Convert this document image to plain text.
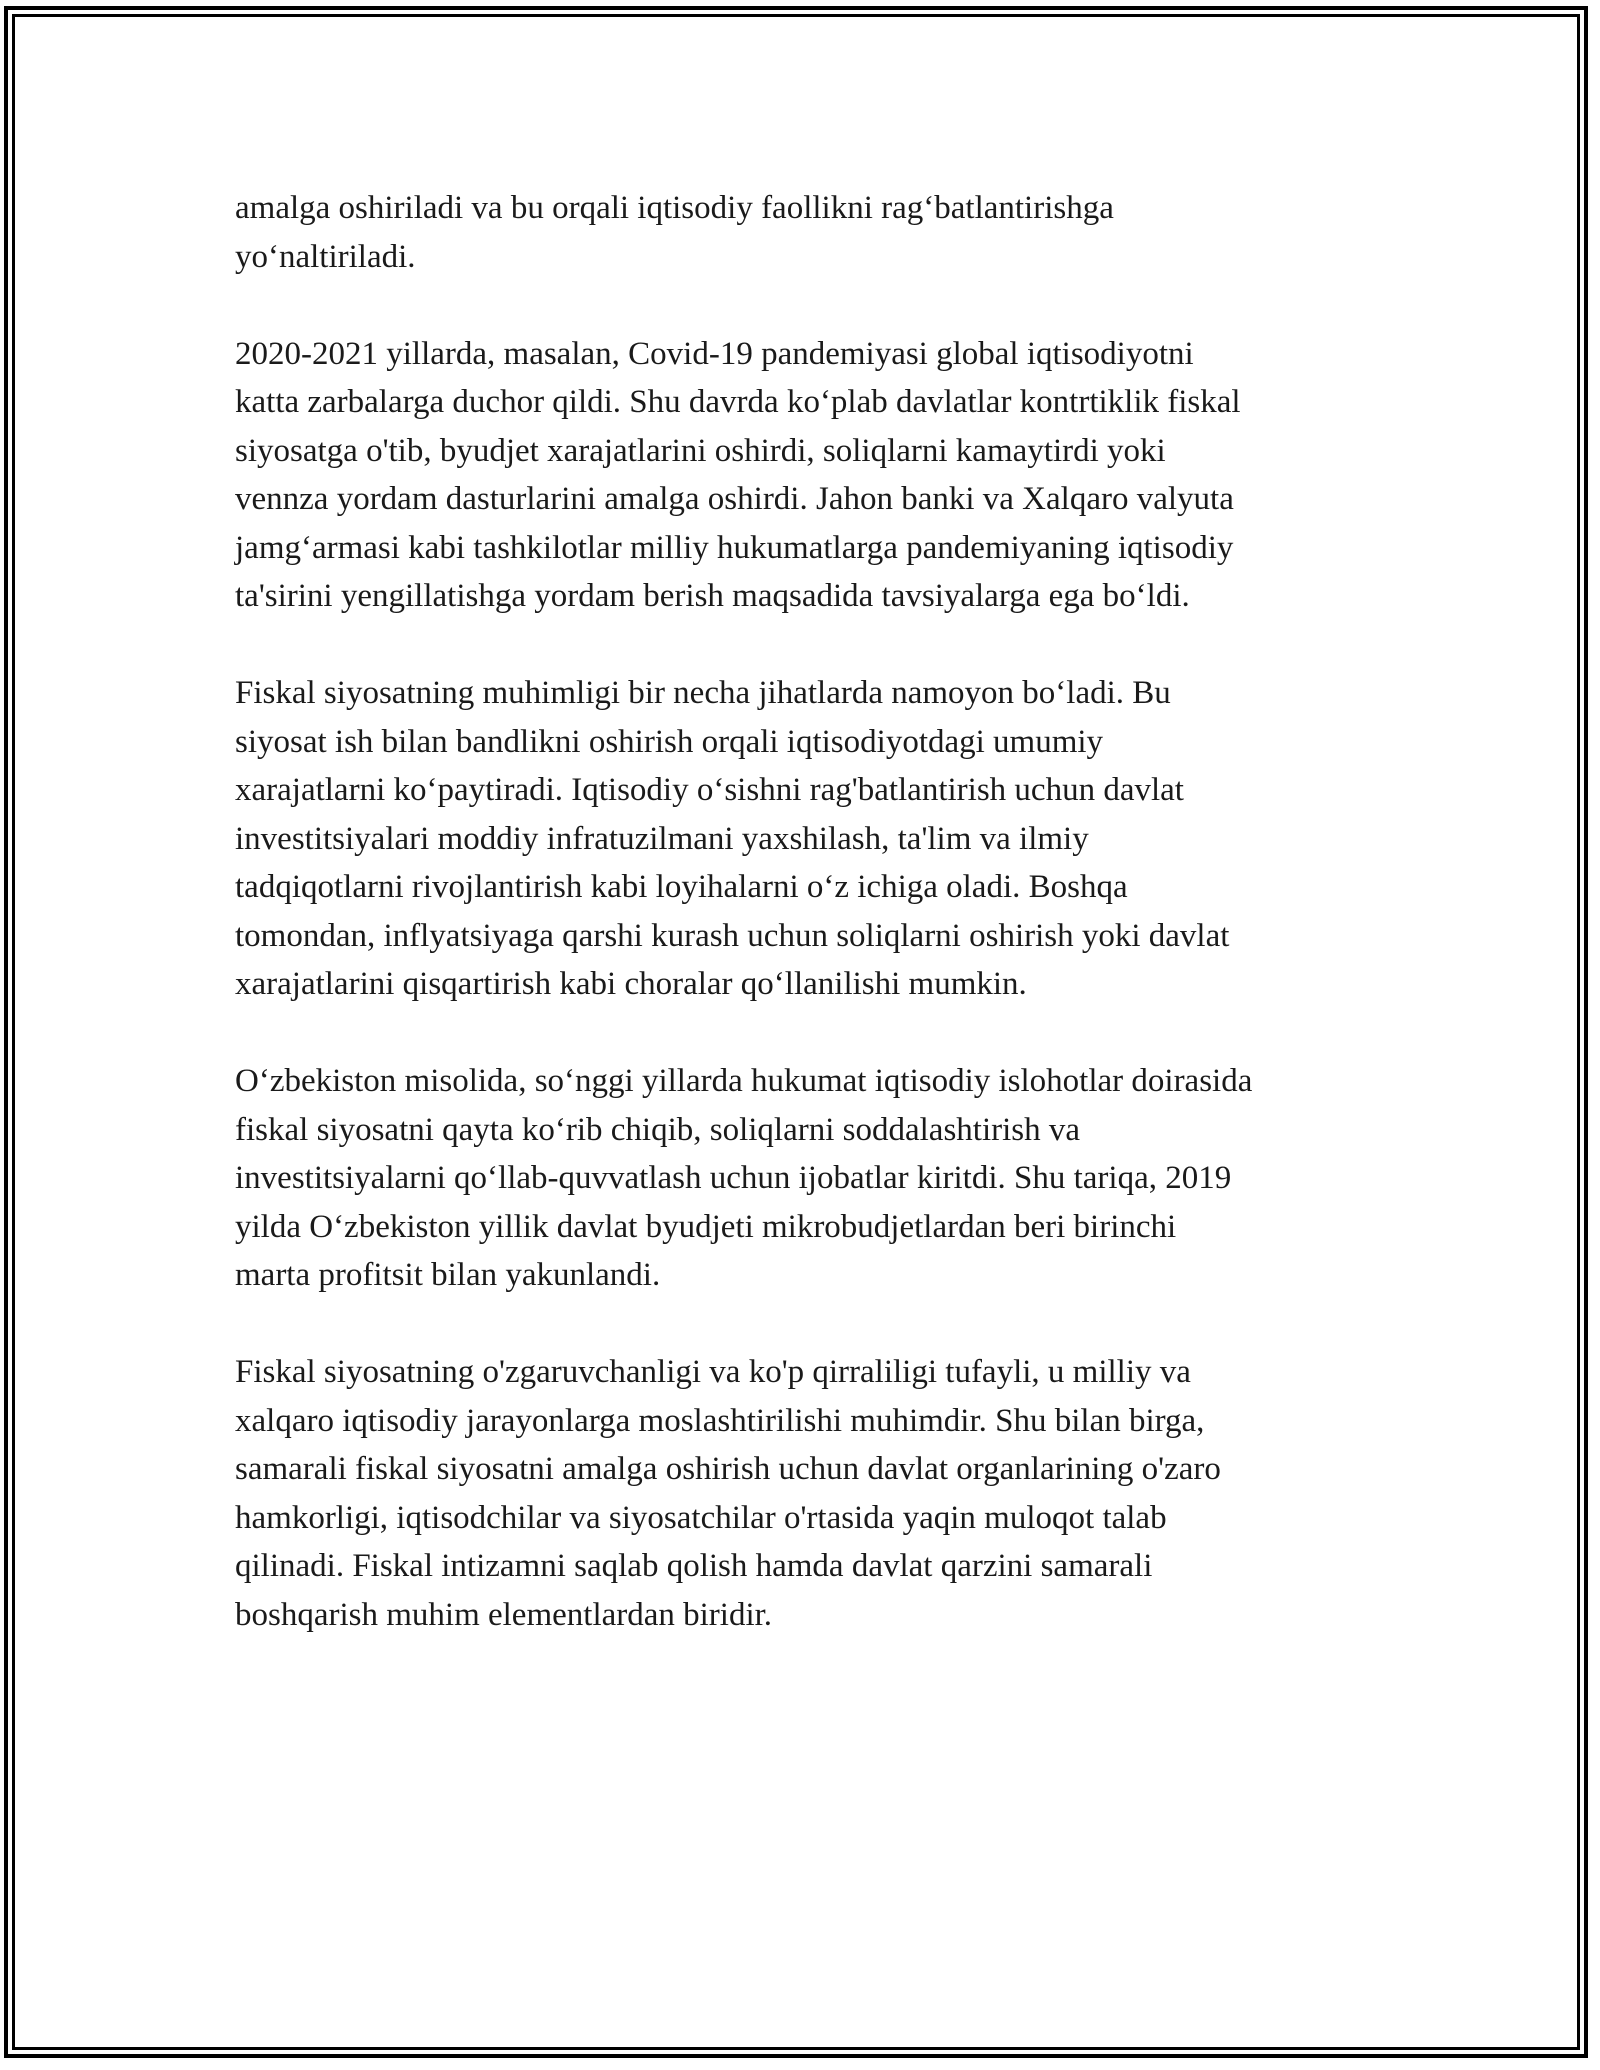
amalga oshiriladi va bu orqali iqtisodiy faollikni rag‘batlantirishga
yo‘naltiriladi.

2020-2021 yillarda, masalan, Covid-19 pandemiyasi global iqtisodiyotni
katta zarbalarga duchor qildi. Shu davrda ko‘plab davlatlar kontrtiklik fiskal
siyosatga o'tib, byudjet xarajatlarini oshirdi, soliqlarni kamaytirdi yoki
vennza yordam dasturlarini amalga oshirdi. Jahon banki va Xalqaro valyuta
jamg‘armasi kabi tashkilotlar milliy hukumatlarga pandemiyaning iqtisodiy
ta'sirini yengillatishga yordam berish maqsadida tavsiyalarga ega bo‘ldi.

Fiskal siyosatning muhimligi bir necha jihatlarda namoyon bo‘ladi. Bu
siyosat ish bilan bandlikni oshirish orqali iqtisodiyotdagi umumiy
xarajatlarni ko‘paytiradi. Iqtisodiy o‘sishni rag'batlantirish uchun davlat
investitsiyalari moddiy infratuzilmani yaxshilash, ta'lim va ilmiy
tadqiqotlarni rivojlantirish kabi loyihalarni o‘z ichiga oladi. Boshqa
tomondan, inflyatsiyaga qarshi kurash uchun soliqlarni oshirish yoki davlat
xarajatlarini qisqartirish kabi choralar qo‘llanilishi mumkin.

O‘zbekiston misolida, so‘nggi yillarda hukumat iqtisodiy islohotlar doirasida
fiskal siyosatni qayta ko‘rib chiqib, soliqlarni soddalashtirish va
investitsiyalarni qo‘llab-quvvatlash uchun ijobatlar kiritdi. Shu tariqa, 2019
yilda O‘zbekiston yillik davlat byudjeti mikrobudjetlardan beri birinchi
marta profitsit bilan yakunlandi.

Fiskal siyosatning o'zgaruvchanligi va ko'p qirraliligi tufayli, u milliy va
xalqaro iqtisodiy jarayonlarga moslashtirilishi muhimdir. Shu bilan birga,
samarali fiskal siyosatni amalga oshirish uchun davlat organlarining o'zaro
hamkorligi, iqtisodchilar va siyosatchilar o'rtasida yaqin muloqot talab
qilinadi. Fiskal intizamni saqlab qolish hamda davlat qarzini samarali
boshqarish muhim elementlardan biridir.
